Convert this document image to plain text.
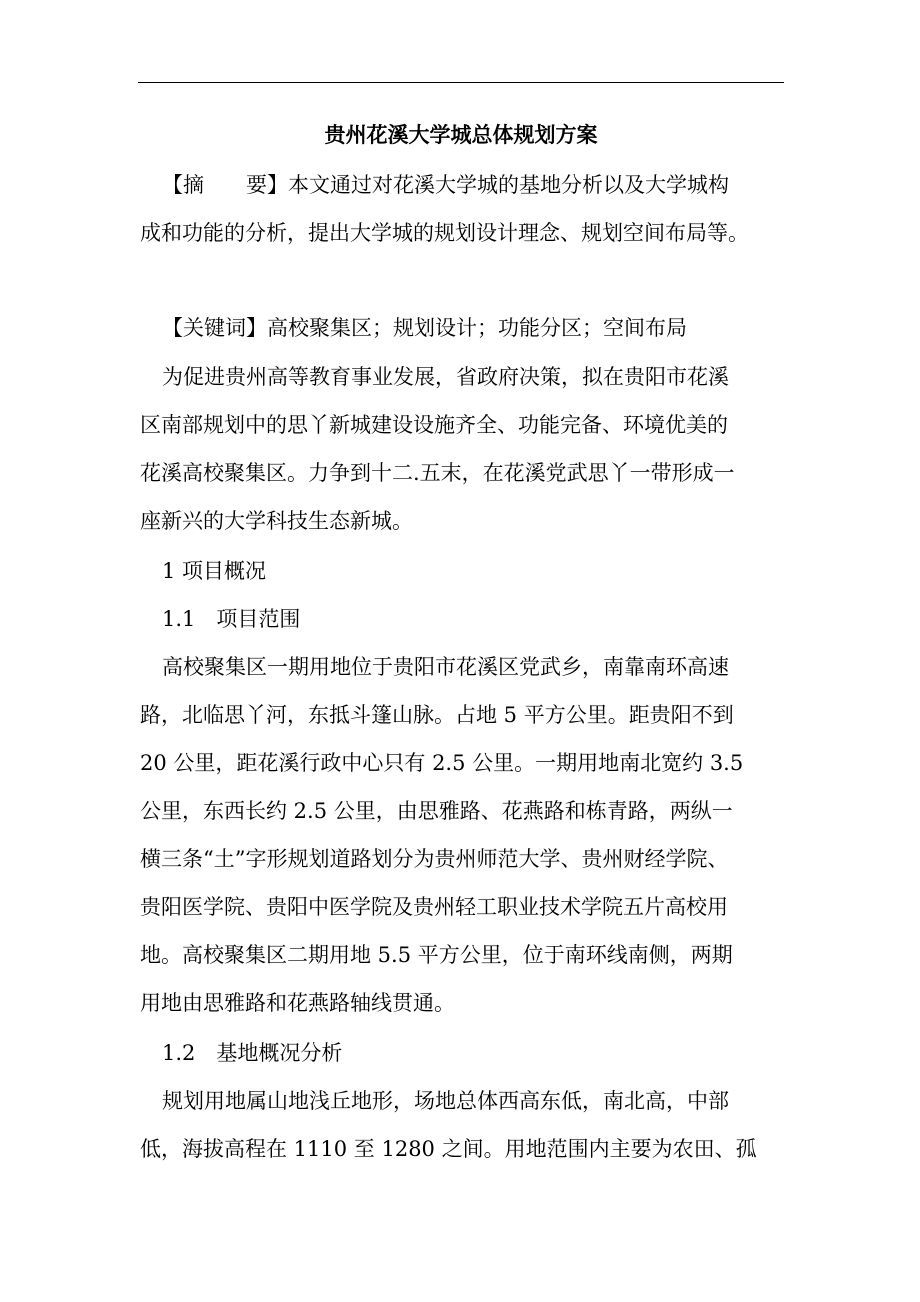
贵州花溪大学城总体规划方案

【摘　　要】本文通过对花溪大学城的基地分析以及大学城构

成和功能的分析，提出大学城的规划设计理念、规划空间布局等。

【关键词】高校聚集区；规划设计；功能分区；空间布局

为促进贵州高等教育事业发展，省政府决策，拟在贵阳市花溪

区南部规划中的思丫新城建设设施齐全、功能完备、环境优美的

花溪高校聚集区。力争到十二.五末，在花溪党武思丫一带形成一

座新兴的大学科技生态新城。

1 项目概况

1.1　项目范围

高校聚集区一期用地位于贵阳市花溪区党武乡，南靠南环高速

路，北临思丫河，东抵斗篷山脉。占地 5 平方公里。距贵阳不到

20 公里，距花溪行政中心只有 2.5 公里。一期用地南北宽约 3.5

公里，东西长约 2.5 公里，由思雅路、花燕路和栋青路，两纵一

横三条“土”字形规划道路划分为贵州师范大学、贵州财经学院、

贵阳医学院、贵阳中医学院及贵州轻工职业技术学院五片高校用

地。高校聚集区二期用地 5.5 平方公里，位于南环线南侧，两期

用地由思雅路和花燕路轴线贯通。

1.2　基地概况分析

规划用地属山地浅丘地形，场地总体西高东低，南北高，中部

低，海拔高程在 1110 至 1280 之间。用地范围内主要为农田、孤
